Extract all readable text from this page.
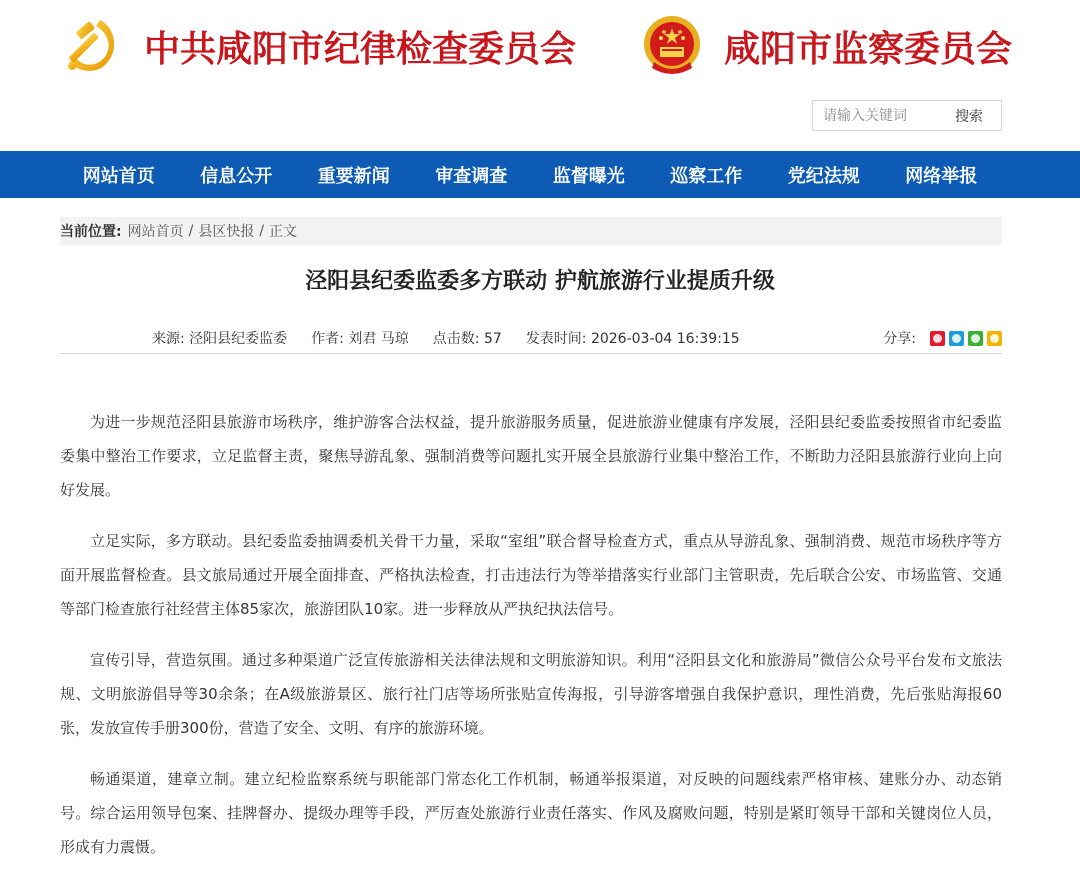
中共咸阳市纪律检查委员会	咸阳市监察委员会
请输入关键词
搜索
网站首页	信息公开	重要新闻	审查调查	监督曝光	巡察工作	党纪法规	网络举报
当前位置: 网站首页 / 县区快报 / 正文
泾阳县纪委监委多方联动 护航旅游行业提质升级
来源: 泾阳县纪委监委 作者: 刘君 马琼 点击数: 57 发表时间: 2026-03-04 16:39:15	分享:

为进一步规范泾阳县旅游市场秩序，维护游客合法权益，提升旅游服务质量，促进旅游业健康有序发展，泾阳县纪委监委按照省市纪委监委集中整治工作要求，立足监督主责，聚焦导游乱象、强制消费等问题扎实开展全县旅游行业集中整治工作，不断助力泾阳县旅游行业向上向好发展。

立足实际，多方联动。县纪委监委抽调委机关骨干力量，采取“室组”联合督导检查方式，重点从导游乱象、强制消费、规范市场秩序等方面开展监督检查。县文旅局通过开展全面排查、严格执法检查，打击违法行为等举措落实行业部门主管职责，先后联合公安、市场监管、交通等部门检查旅行社经营主体85家次，旅游团队10家。进一步释放从严执纪执法信号。

宣传引导，营造氛围。通过多种渠道广泛宣传旅游相关法律法规和文明旅游知识。利用“泾阳县文化和旅游局”微信公众号平台发布文旅法规、文明旅游倡导等30余条；在A级旅游景区、旅行社门店等场所张贴宣传海报，引导游客增强自我保护意识，理性消费，先后张贴海报60张，发放宣传手册300份，营造了安全、文明、有序的旅游环境。

畅通渠道，建章立制。建立纪检监察系统与职能部门常态化工作机制，畅通举报渠道，对反映的问题线索严格审核、建账分办、动态销号。综合运用领导包案、挂牌督办、提级办理等手段，严厉查处旅游行业责任落实、作风及腐败问题，特别是紧盯领导干部和关键岗位人员，形成有力震慑。
